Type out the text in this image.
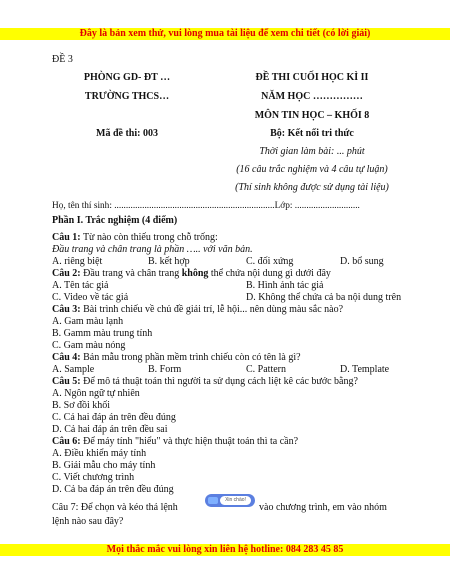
Đây là bản xem thử, vui lòng mua tài liệu để xem chi tiết (có lời giải)
ĐỀ 3
PHÒNG GD- ĐT …
TRƯỜNG THCS…
ĐỀ THI CUỐI HỌC KÌ II
NĂM HỌC ……………
MÔN TIN HỌC – KHỐI 8
Mã đề thi: 003	Bộ: Kết nối tri thức
Thời gian làm bài: ... phút
(16 câu trắc nghiệm và 4 câu tự luận)
(Thí sinh không được sử dụng tài liệu)
Họ, tên thí sinh: .....................................................................Lớp: ............................
Phần I. Trắc nghiệm (4 điểm)
Câu 1: Từ nào còn thiếu trong chỗ trống:
Đầu trang và chân trang là phần ….. với văn bản.
A. riêng biệt	B. kết hợp	C. đối xứng	D. bổ sung
Câu 2: Đầu trang và chân trang không thể chứa nội dung gì dưới đây
A. Tên tác giả	B. Hình ảnh tác giả
C. Video về tác giả	D. Không thể chứa cả ba nội dung trên
Câu 3: Bài trình chiếu về chủ đề giải trí, lễ hội... nên dùng màu sắc nào?
A. Gam màu lạnh
B. Gamm màu trung tính
C. Gam màu nóng
Câu 4: Bản mẫu trong phần mềm trình chiếu còn có tên là gì?
A. Sample	B. Form	C. Pattern	D. Template
Câu 5: Để mô tả thuật toán thì người ta sử dụng cách liệt kê các bước bằng?
A. Ngôn ngữ tự nhiên
B. Sơ đồi khối
C. Cả hai đáp án trên đều đúng
D. Cả hai đáp án trên đều sai
Câu 6: Để máy tính "hiểu" và thực hiện thuật toán thì ta cần?
A. Điều khiển máy tính
B. Giải mẫu cho máy tính
C. Viết chương trình
D. Cả ba đáp án trên đều đúng
Câu 7: Để chọn và kéo thả lệnh
Xin chào!
vào chương trình, em vào nhóm
lệnh nào sau đây?
Mọi thắc mắc vui lòng xin liên hệ hotline: 084 283 45 85
